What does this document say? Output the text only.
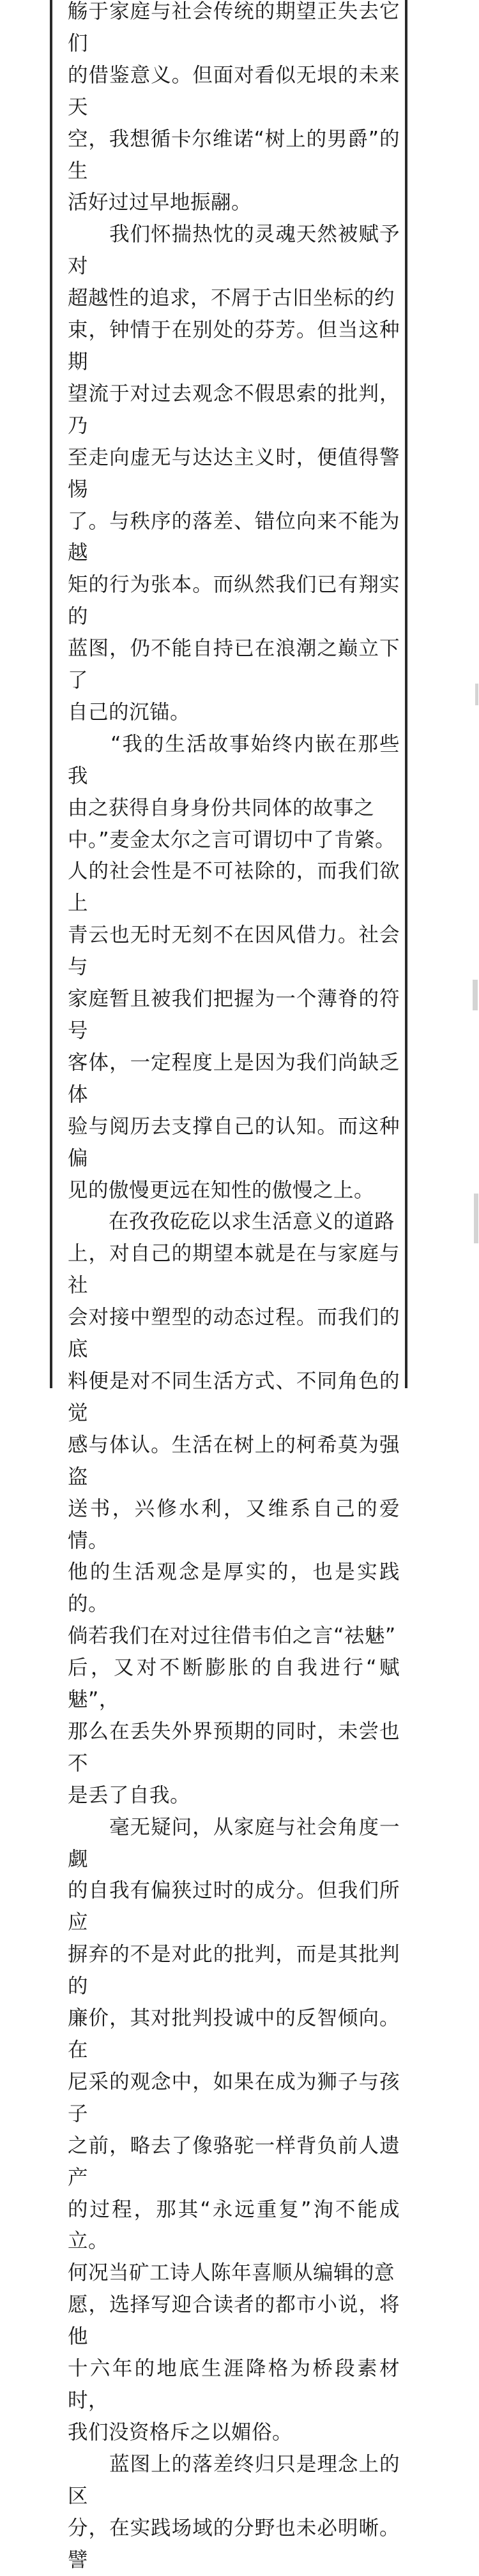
觞于家庭与社会传统的期望正失去它们
的借鉴意义。但面对看似无垠的未来天
空，我想循卡尔维诺“树上的男爵”的生
活好过过早地振翮。

　　我们怀揣热忱的灵魂天然被赋予对
超越性的追求，不屑于古旧坐标的约
束，钟情于在别处的芬芳。但当这种期
望流于对过去观念不假思索的批判，乃
至走向虚无与达达主义时，便值得警惕
了。与秩序的落差、错位向来不能为越
矩的行为张本。而纵然我们已有翔实的
蓝图，仍不能自持已在浪潮之巅立下了
自己的沉锚。

　　“我的生活故事始终内嵌在那些我
由之获得自身身份共同体的故事之
中。”麦金太尔之言可谓切中了肯綮。
人的社会性是不可袪除的，而我们欲上
青云也无时无刻不在因风借力。社会与
家庭暂且被我们把握为一个薄脊的符号
客体，一定程度上是因为我们尚缺乏体
验与阅历去支撑自己的认知。而这种偏
见的傲慢更远在知性的傲慢之上。

　　在孜孜矻矻以求生活意义的道路
上，对自己的期望本就是在与家庭与社
会对接中塑型的动态过程。而我们的底
料便是对不同生活方式、不同角色的觉
感与体认。生活在树上的柯希莫为强盗
送书，兴修水利，又维系自己的爱情。
他的生活观念是厚实的，也是实践的。
倘若我们在对过往借韦伯之言“祛魅”
后，又对不断膨胀的自我进行“赋魅”，
那么在丢失外界预期的同时，未尝也不
是丢了自我。

　　毫无疑问，从家庭与社会角度一觑
的自我有偏狭过时的成分。但我们所应
摒弃的不是对此的批判，而是其批判的
廉价，其对批判投诚中的反智倾向。在
尼采的观念中，如果在成为狮子与孩子
之前，略去了像骆驼一样背负前人遗产
的过程，那其“永远重复”洵不能成立。
何况当矿工诗人陈年喜顺从编辑的意
愿，选择写迎合读者的都市小说，将他
十六年的地底生涯降格为桥段素材时，
我们没资格斥之以媚俗。

　　蓝图上的落差终归只是理念上的区
分，在实践场域的分野也未必明晰。譬
